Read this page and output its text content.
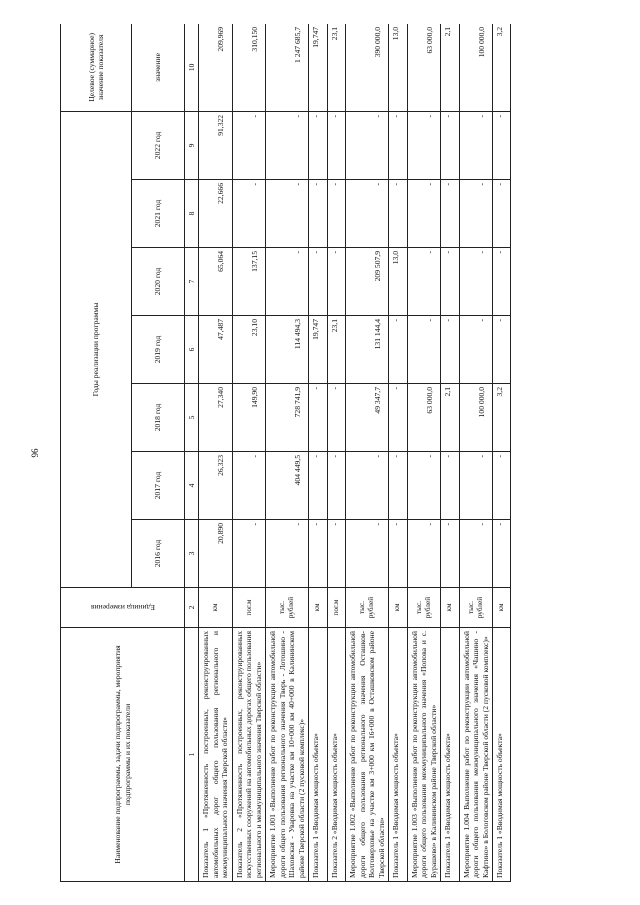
96
Наименование подпрограммы, задачи подпрограммы, мероприятия подпрограммы и их показатели	Единица измерения	Годы реализации программы							Целевое (суммарное) значение показателя
		2016 год	2017 год	2018 год	2019 год	2020 год	2021 год	2022 год	значение
1	2	3	4	5	6	7	8	9	10
Показатель 1 «Протяженность построенных, реконструированных автомобильных дорог общего пользования регионального и межмуниципального значения Тверской области»	км	20,890	26,323	27,340	47,487	65,064	22,666	91,322	209,969
Показатель 2 «Протяженность построенных, реконструированных искусственных сооружений на автомобильных дорогах общего пользования регионального и межмуниципального значения Тверской области»	пог.м	-	-	149,90	23,10	137,15	-	-	310,150
Мероприятие 1.001 «Выполнение работ по реконструкции автомобильной дороги общего пользования регионального значения Тверь - Лотошино - Шаховская - Уваровка на участке км 10+000 км 40+000 в Калининском районе Тверской области (2 пусковой комплекс)»	тыс. рублей	-	404 449,5	728 741,9	114 494,3	-	-	-	1 247 685,7
Показатель 1 «Вводимая мощность объекта»	км	-	-	-	19,747	-	-	-	19,747
Показатель 2 «Вводимая мощность объекта»	пог.м	-	-	-	23,1	-	-	-	23,1
Мероприятие 1.002 «Выполнение работ по реконструкции автомобильной дороги общего пользования регионального значения Осташков-Волговерховье на участке км 3+000 км 16+000 в Осташковском районе Тверской области»	тыс. рублей	-	-	49 347,7	131 144,4	209 507,9	-	-	390 000,0
Показатель 1 «Вводимая мощность объекта»	км	-	-	-	-	13,0	-	-	13,0
Мероприятие 1.003 «Выполнение работ по реконструкции автомобильной дороги общего пользования межмуниципального значения «Попова и с. Бурашево» в Калининском районе Тверской области»	тыс. рублей	-	-	63 000,0	-	-	-	-	63 000,0
Показатель 1 «Вводимая мощность объекта»	км	-	-	2,1	-	-	-	-	2,1
Мероприятие 1.004 Выполнение работ по реконструкции автомобильной дороги общего пользования межмуниципального значения «Чашино - Кафтино» в Бологовском районе Тверской области (2 пусковой комплекс)»	тыс. рублей	-	-	100 000,0	-	-	-	-	100 000,0
Показатель 1 «Вводимая мощность объекта»	км	-	-	3,2	-	-	-	-	3,2
